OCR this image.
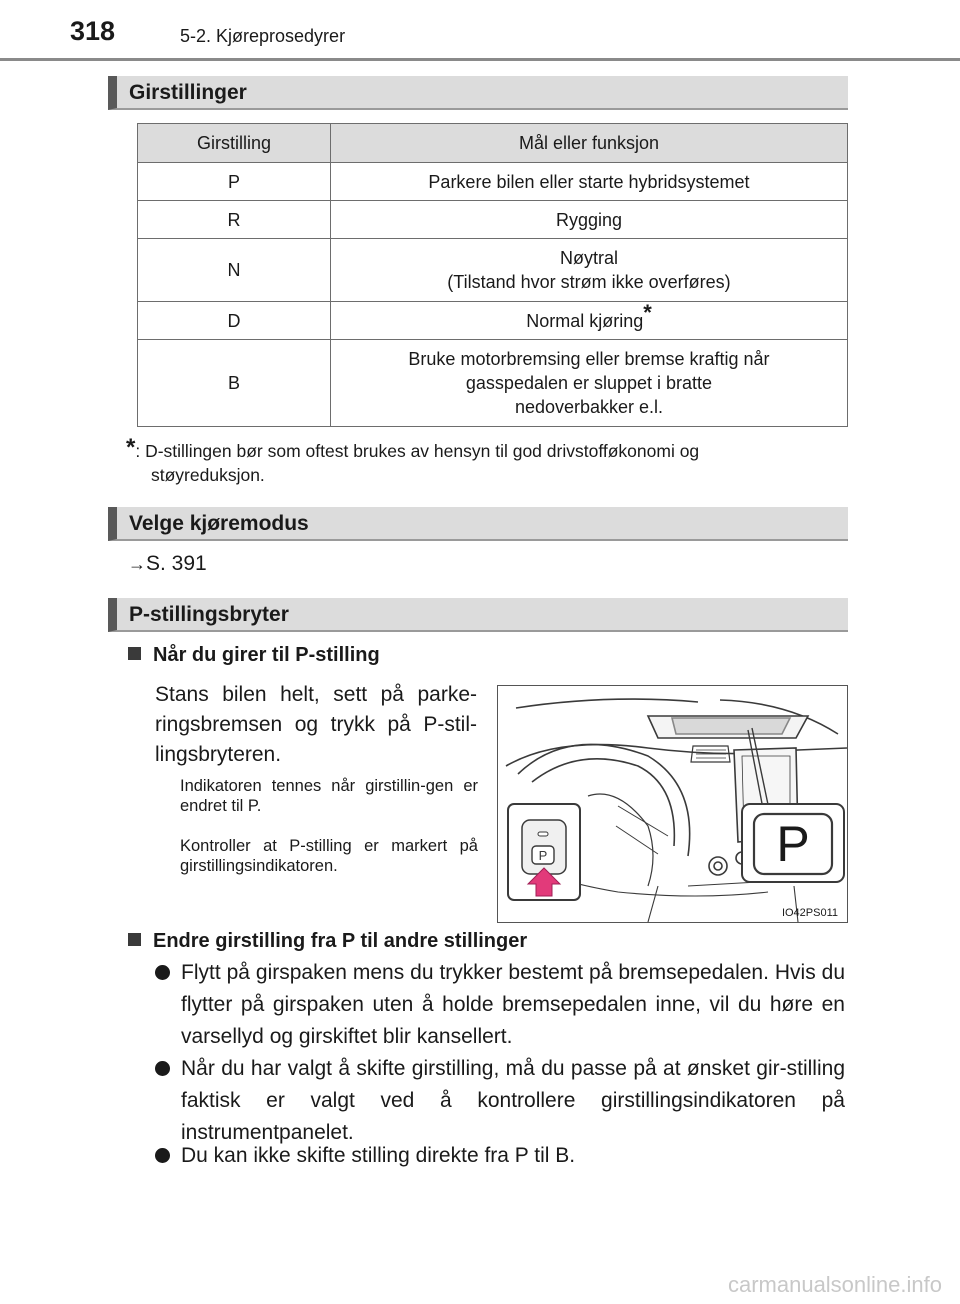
318	5-2. Kjøreprosedyrer
Girstillinger
Girstilling	Mål eller funksjon
P	Parkere bilen eller starte hybridsystemet
R	Rygging
N	Nøytral
(Tilstand hvor strøm ikke overføres)
D	Normal kjøring*
B	Bruke motorbremsing eller bremse kraftig når
gasspedalen er sluppet i bratte
nedoverbakker e.l.
*: D-stillingen bør som oftest brukes av hensyn til god drivstofføkonomi og
støyreduksjon.
Velge kjøremodus
→S. 391
P-stillingsbryter
Når du girer til P-stilling
Stans bilen helt, sett på parke-ringsbremsen og trykk på P-stil-lingsbryteren.
Indikatoren tennes når girstillin-gen er endret til P.
Kontroller at P-stilling er markert på girstillingsindikatoren.
P	P
IO42PS011
Endre girstilling fra P til andre stillinger
Flytt på girspaken mens du trykker bestemt på bremsepedalen. Hvis du flytter på girspaken uten å holde bremsepedalen inne, vil du høre en varsellyd og girskiftet blir kansellert.
Når du har valgt å skifte girstilling, må du passe på at ønsket gir-stilling faktisk er valgt ved å kontrollere girstillingsindikatoren på instrumentpanelet.
Du kan ikke skifte stilling direkte fra P til B.
carmanualsonline.info
